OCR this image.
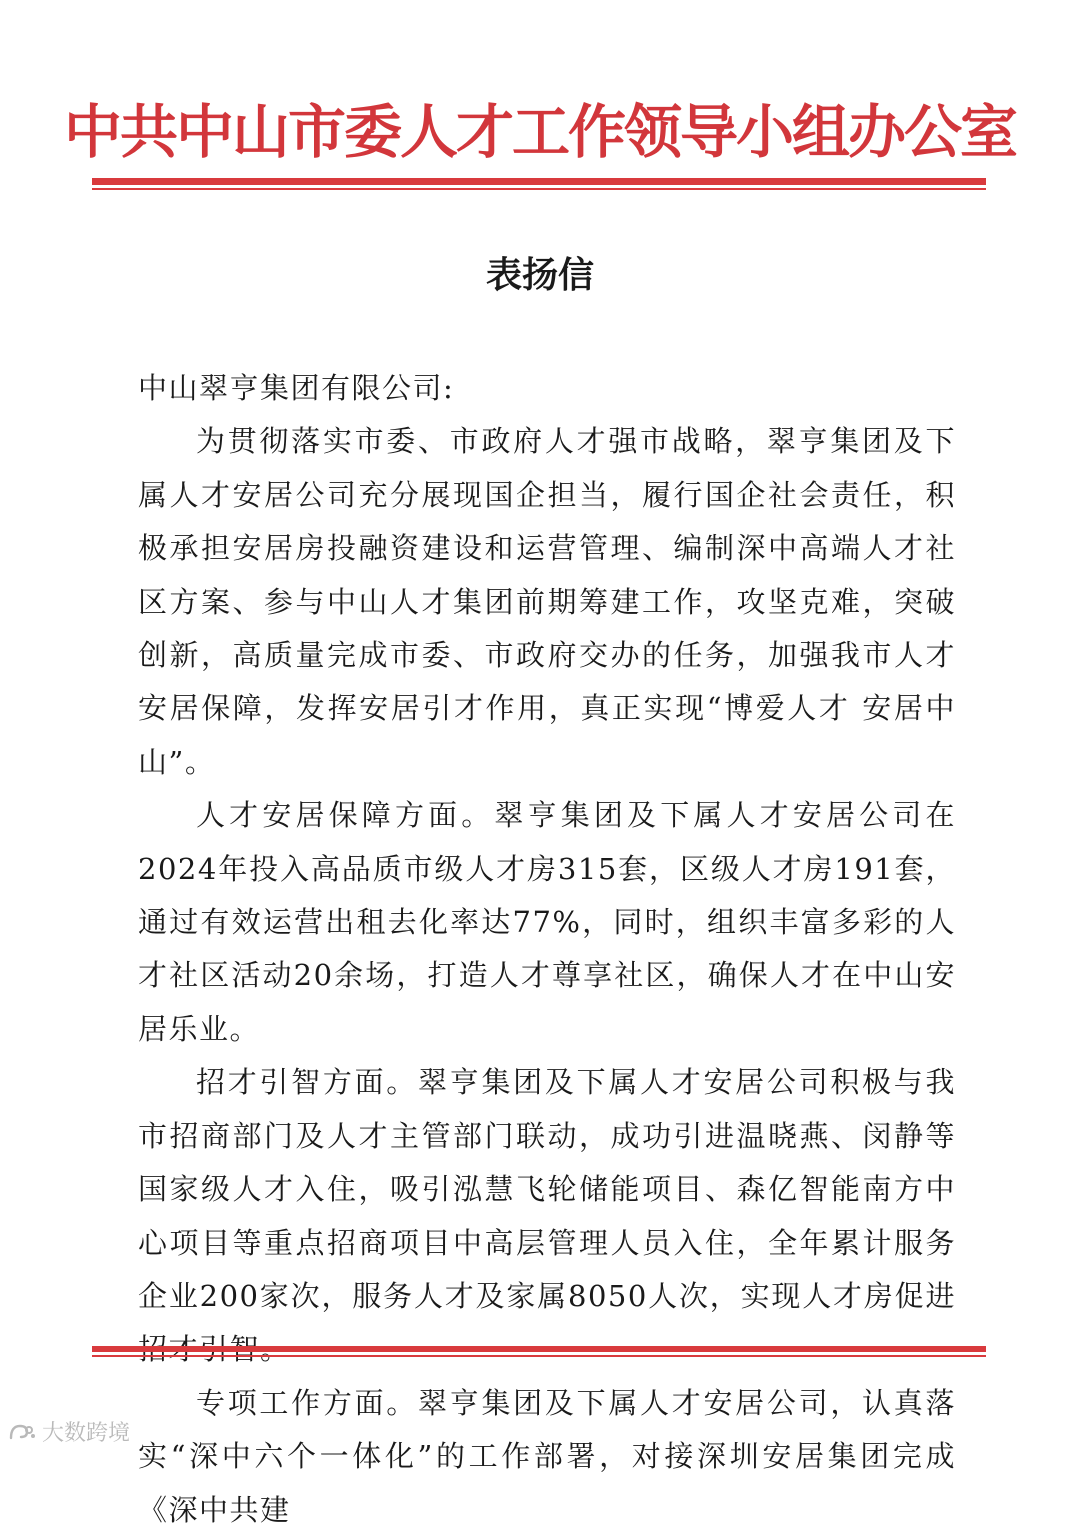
中共中山市委人才工作领导小组办公室
表扬信

中山翠亨集团有限公司:

为贯彻落实市委、市政府人才强市战略，翠亨集团及下属人才安居公司充分展现国企担当，履行国企社会责任，积极承担安居房投融资建设和运营管理、编制深中高端人才社区方案、参与中山人才集团前期筹建工作，攻坚克难，突破创新，高质量完成市委、市政府交办的任务，加强我市人才安居保障，发挥安居引才作用，真正实现“博爱人才 安居中山”。

人才安居保障方面。翠亨集团及下属人才安居公司在2024年投入高品质市级人才房315套，区级人才房191套，通过有效运营出租去化率达77%，同时，组织丰富多彩的人才社区活动20余场，打造人才尊享社区，确保人才在中山安居乐业。

招才引智方面。翠亨集团及下属人才安居公司积极与我市招商部门及人才主管部门联动，成功引进温晓燕、闵静等国家级人才入住，吸引泓慧飞轮储能项目、森亿智能南方中心项目等重点招商项目中高层管理人员入住，全年累计服务企业200家次，服务人才及家属8050人次，实现人才房促进

专项工作方面。翠亨集团及下属人才安居公司，认真落实“深中六个一体化”的工作部署，对接深圳安居集团完成《深中共建

大数跨境
